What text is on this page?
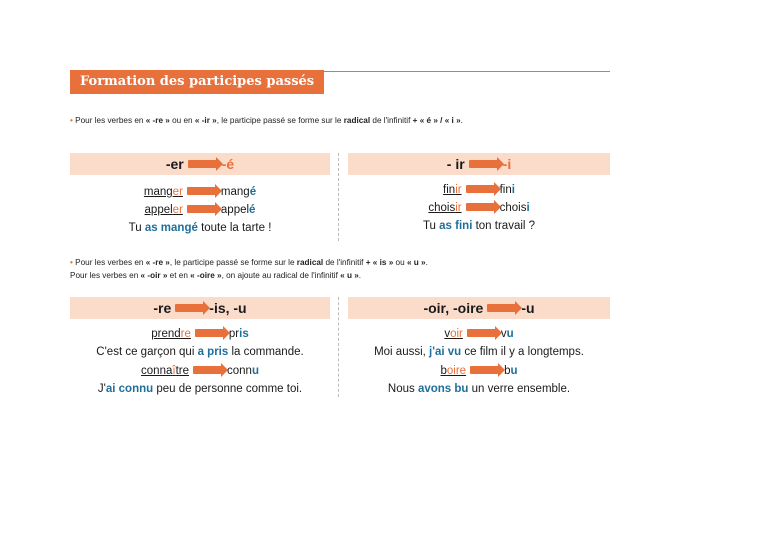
Formation des participes passés
• Pour les verbes en « -re » ou en « -ir », le participe passé se forme sur le radical de l'infinitif + « é » / « i ».
-er	-é
manger	mangé
appeler	appelé
Tu as mangé toute la tarte !
- ir	-i
finir	fini
choisir	choisi
Tu as fini ton travail ?
• Pour les verbes en « -re », le participe passé se forme sur le radical de l'infinitif + « is » ou « u ».
Pour les verbes en « -oir » et en « -oire », on ajoute au radical de l'infinitif « u ».
-re	-is, -u
prendre	pris
C'est ce garçon qui a pris la commande.
connaître	connu
J'ai connu peu de personne comme toi.
-oir, -oire	-u
voir	vu
Moi aussi, j'ai vu ce film il y a longtemps.
boire	bu
Nous avons bu un verre ensemble.
